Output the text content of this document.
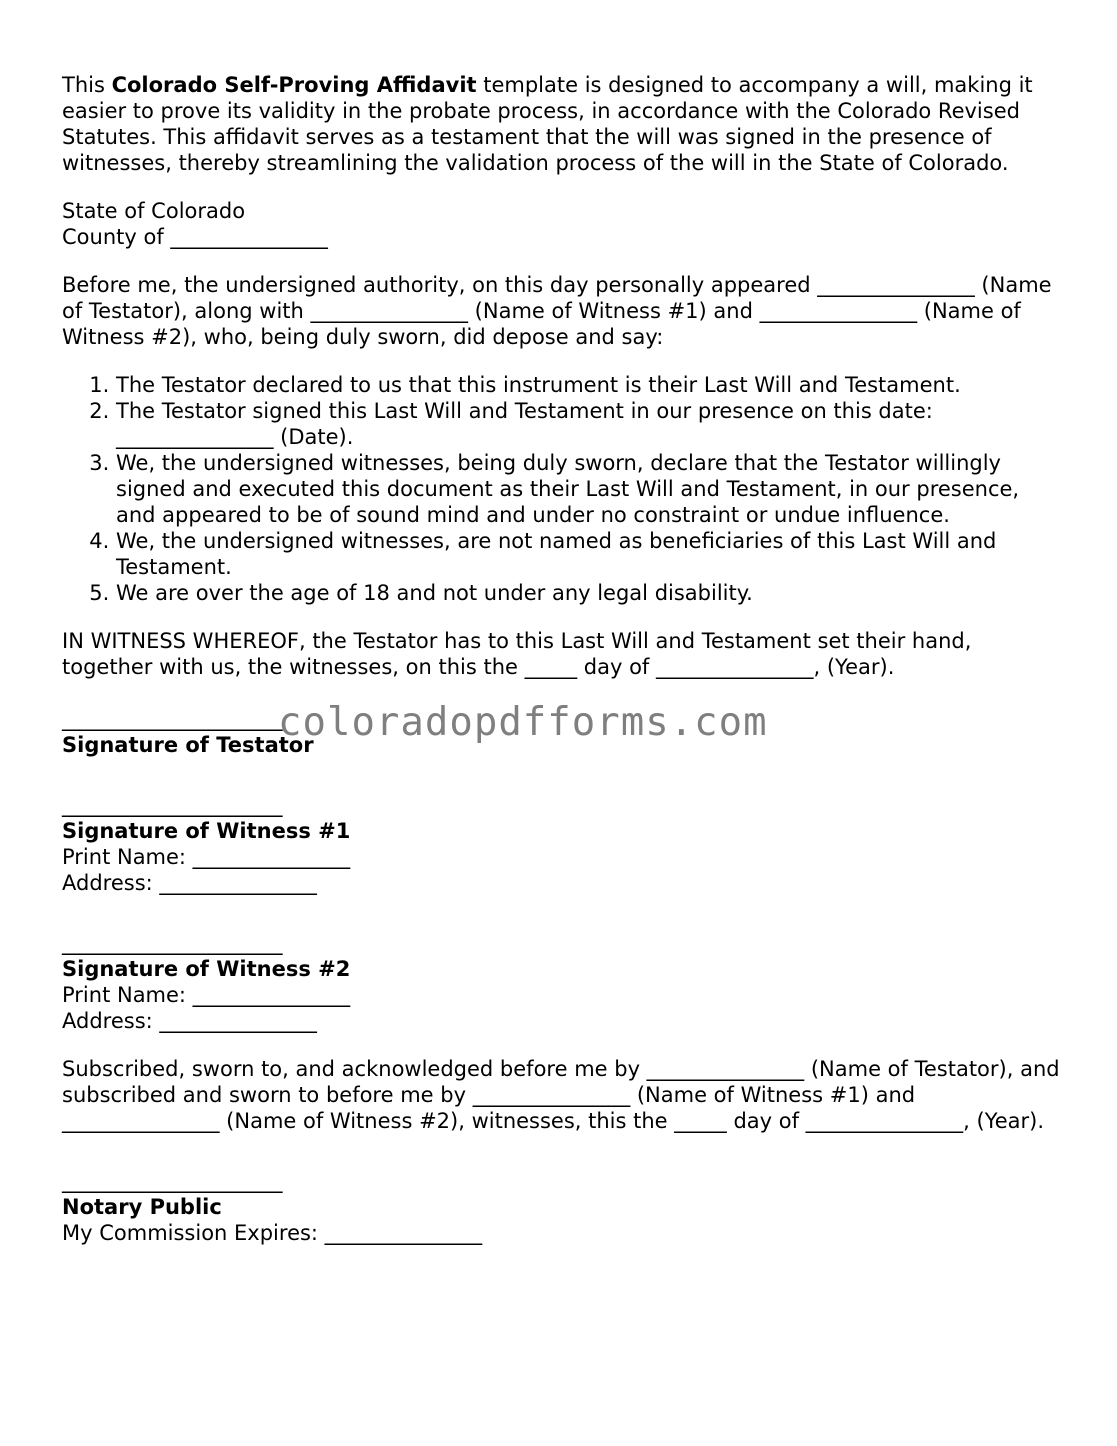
This Colorado Self-Proving Affidavit template is designed to accompany a will, making it easier to prove its validity in the probate process, in accordance with the Colorado Revised Statutes. This affidavit serves as a testament that the will was signed in the presence of witnesses, thereby streamlining the validation process of the will in the State of Colorado.

State of Colorado

County of _______________

Before me, the undersigned authority, on this day personally appeared _______________ (Name of Testator), along with _______________ (Name of Witness #1) and _______________ (Name of Witness #2), who, being duly sworn, did depose and say:

1. The Testator declared to us that this instrument is their Last Will and Testament.
2. The Testator signed this Last Will and Testament in our presence on this date: _______________ (Date).
3. We, the undersigned witnesses, being duly sworn, declare that the Testator willingly signed and executed this document as their Last Will and Testament, in our presence, and appeared to be of sound mind and under no constraint or undue influence.
4. We, the undersigned witnesses, are not named as beneficiaries of this Last Will and Testament.
5. We are over the age of 18 and not under any legal disability.

IN WITNESS WHEREOF, the Testator has to this Last Will and Testament set their hand, together with us, the witnesses, on this the _____ day of _______________, (Year).

_____________________

Signature of Testator

_____________________

Signature of Witness #1

Print Name: _______________

Address: _______________

_____________________

Signature of Witness #2

Print Name: _______________

Address: _______________

Subscribed, sworn to, and acknowledged before me by _______________ (Name of Testator), and subscribed and sworn to before me by _______________ (Name of Witness #1) and _______________ (Name of Witness #2), witnesses, this the _____ day of _______________, (Year).

_____________________

Notary Public

My Commission Expires: _______________

coloradopdfforms.com
